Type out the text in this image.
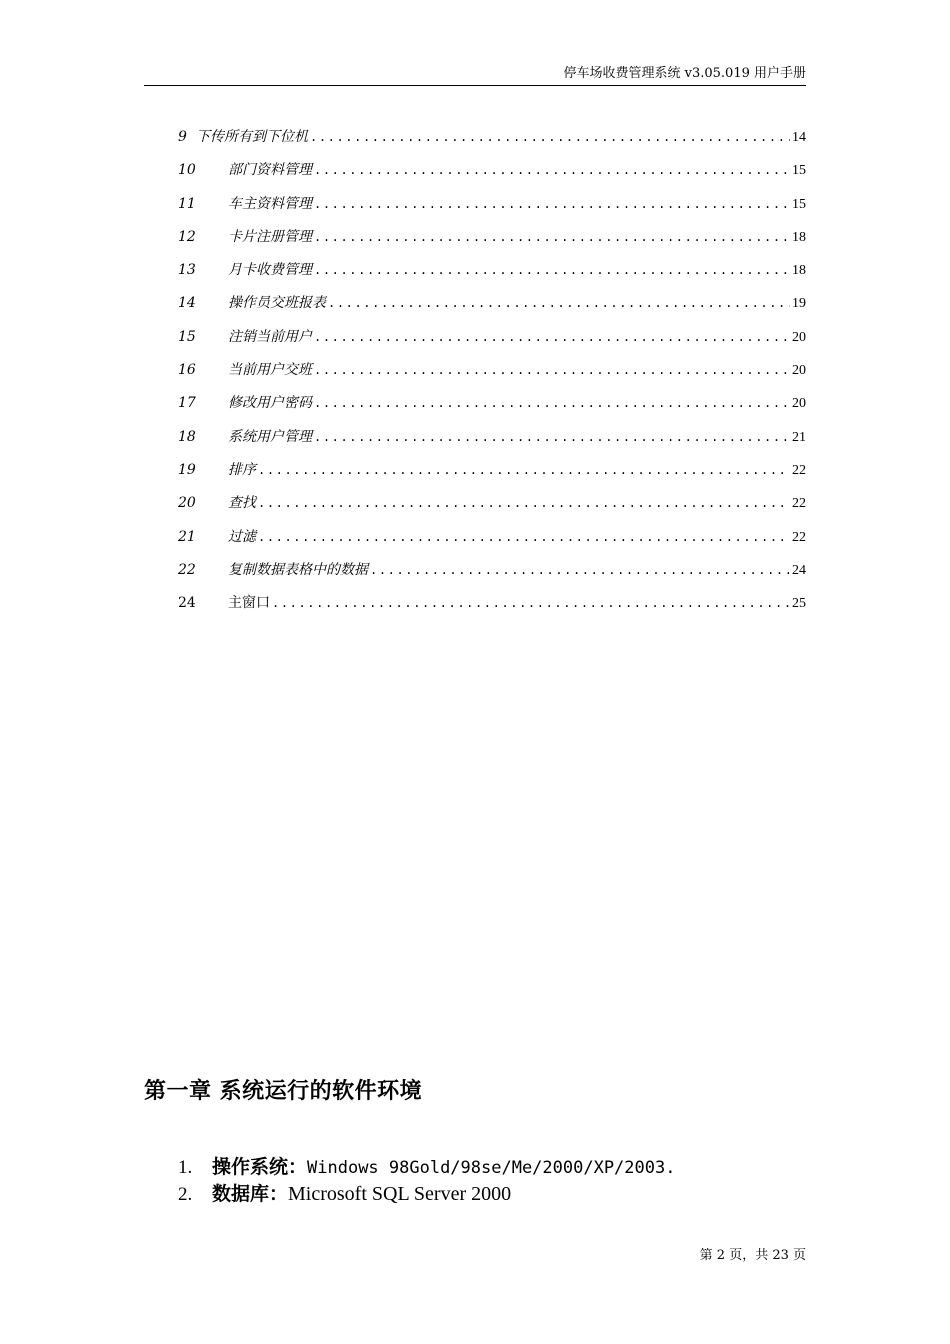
停车场收费管理系统 v3.05.019 用户手册
9 下传所有到下位机 .....	14
10	部门资料管理 .....	15
11	车主资料管理 .....	15
12	卡片注册管理 .....	18
13	月卡收费管理 .....	18
14	操作员交班报表 .....	19
15	注销当前用户 .....	20
16	当前用户交班 .....	20
17	修改用户密码 .....	20
18	系统用户管理 .....	21
19	排序 .....	22
20	查找 .....	22
21	过滤 .....	22
22	复制数据表格中的数据 .....	24
24	主窗口 .....	25
第一章 系统运行的软件环境
1.	操作系统： Windows 98Gold/98se/Me/2000/XP/2003.
2.	数据库： Microsoft SQL Server 2000
第 2 页，共 23 页
